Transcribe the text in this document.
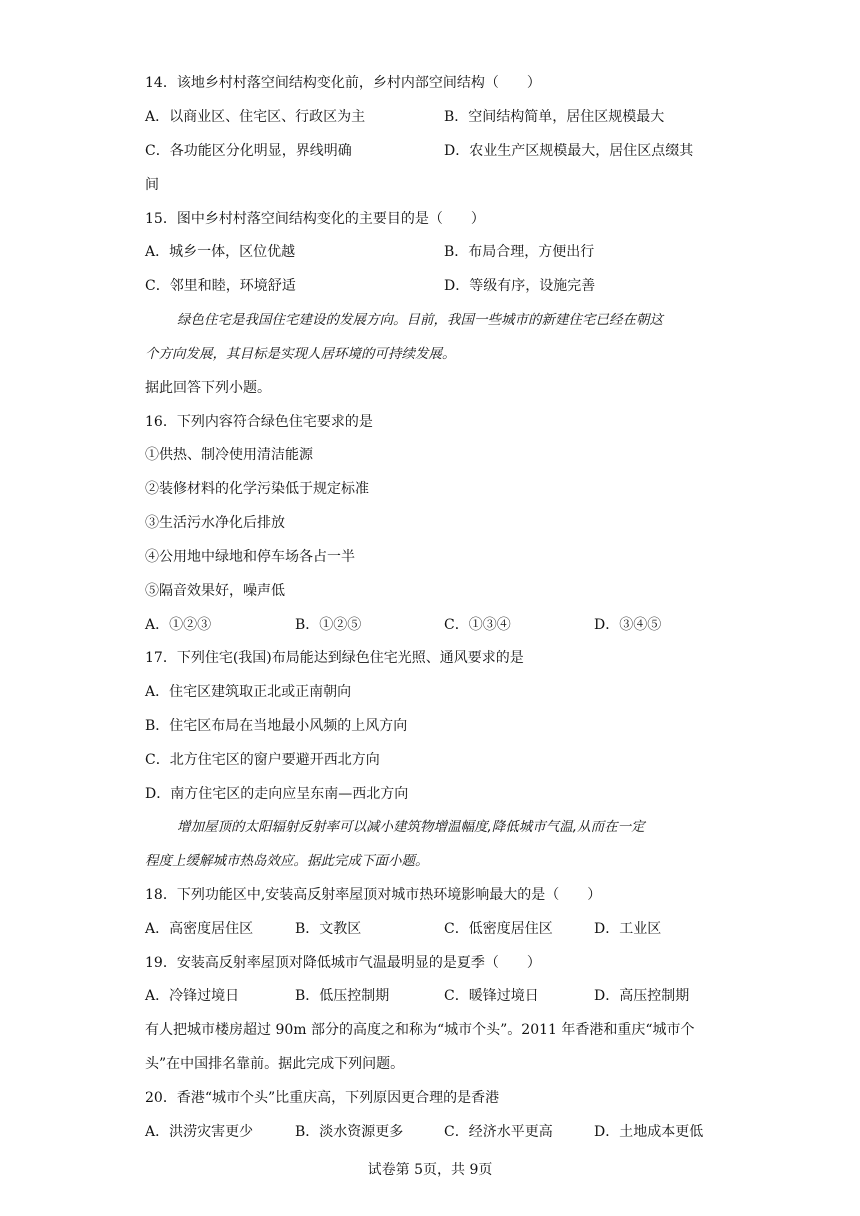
14．该地乡村村落空间结构变化前，乡村内部空间结构（　　）
A．以商业区、住宅区、行政区为主	B．空间结构简单，居住区规模最大
C．各功能区分化明显，界线明确	D．农业生产区规模最大，居住区点缀其
间
15．图中乡村村落空间结构变化的主要目的是（　　）
A．城乡一体，区位优越	B．布局合理，方便出行
C．邻里和睦，环境舒适	D．等级有序，设施完善
绿色住宅是我国住宅建设的发展方向。目前，我国一些城市的新建住宅已经在朝这
个方向发展，其目标是实现人居环境的可持续发展。
据此回答下列小题。
16．下列内容符合绿色住宅要求的是
①供热、制冷使用清洁能源
②装修材料的化学污染低于规定标准
③生活污水净化后排放
④公用地中绿地和停车场各占一半
⑤隔音效果好，噪声低
A．①②③	B．①②⑤	C．①③④	D．③④⑤
17．下列住宅(我国)布局能达到绿色住宅光照、通风要求的是
A．住宅区建筑取正北或正南朝向
B．住宅区布局在当地最小风频的上风方向
C．北方住宅区的窗户要避开西北方向
D．南方住宅区的走向应呈东南—西北方向
增加屋顶的太阳辐射反射率可以减小建筑物增温幅度,降低城市气温,从而在一定
程度上缓解城市热岛效应。据此完成下面小题。
18．下列功能区中,安装高反射率屋顶对城市热环境影响最大的是（　　）
A．高密度居住区	B．文教区	C．低密度居住区	D．工业区
19．安装高反射率屋顶对降低城市气温最明显的是夏季（　　）
A．冷锋过境日	B．低压控制期	C．暖锋过境日	D．高压控制期
有人把城市楼房超过 90m 部分的高度之和称为“城市个头”。2011 年香港和重庆“城市个
头”在中国排名靠前。据此完成下列问题。
20．香港“城市个头”比重庆高，下列原因更合理的是香港
A．洪涝灾害更少	B．淡水资源更多	C．经济水平更高	D．土地成本更低
试卷第 5页，共 9页
